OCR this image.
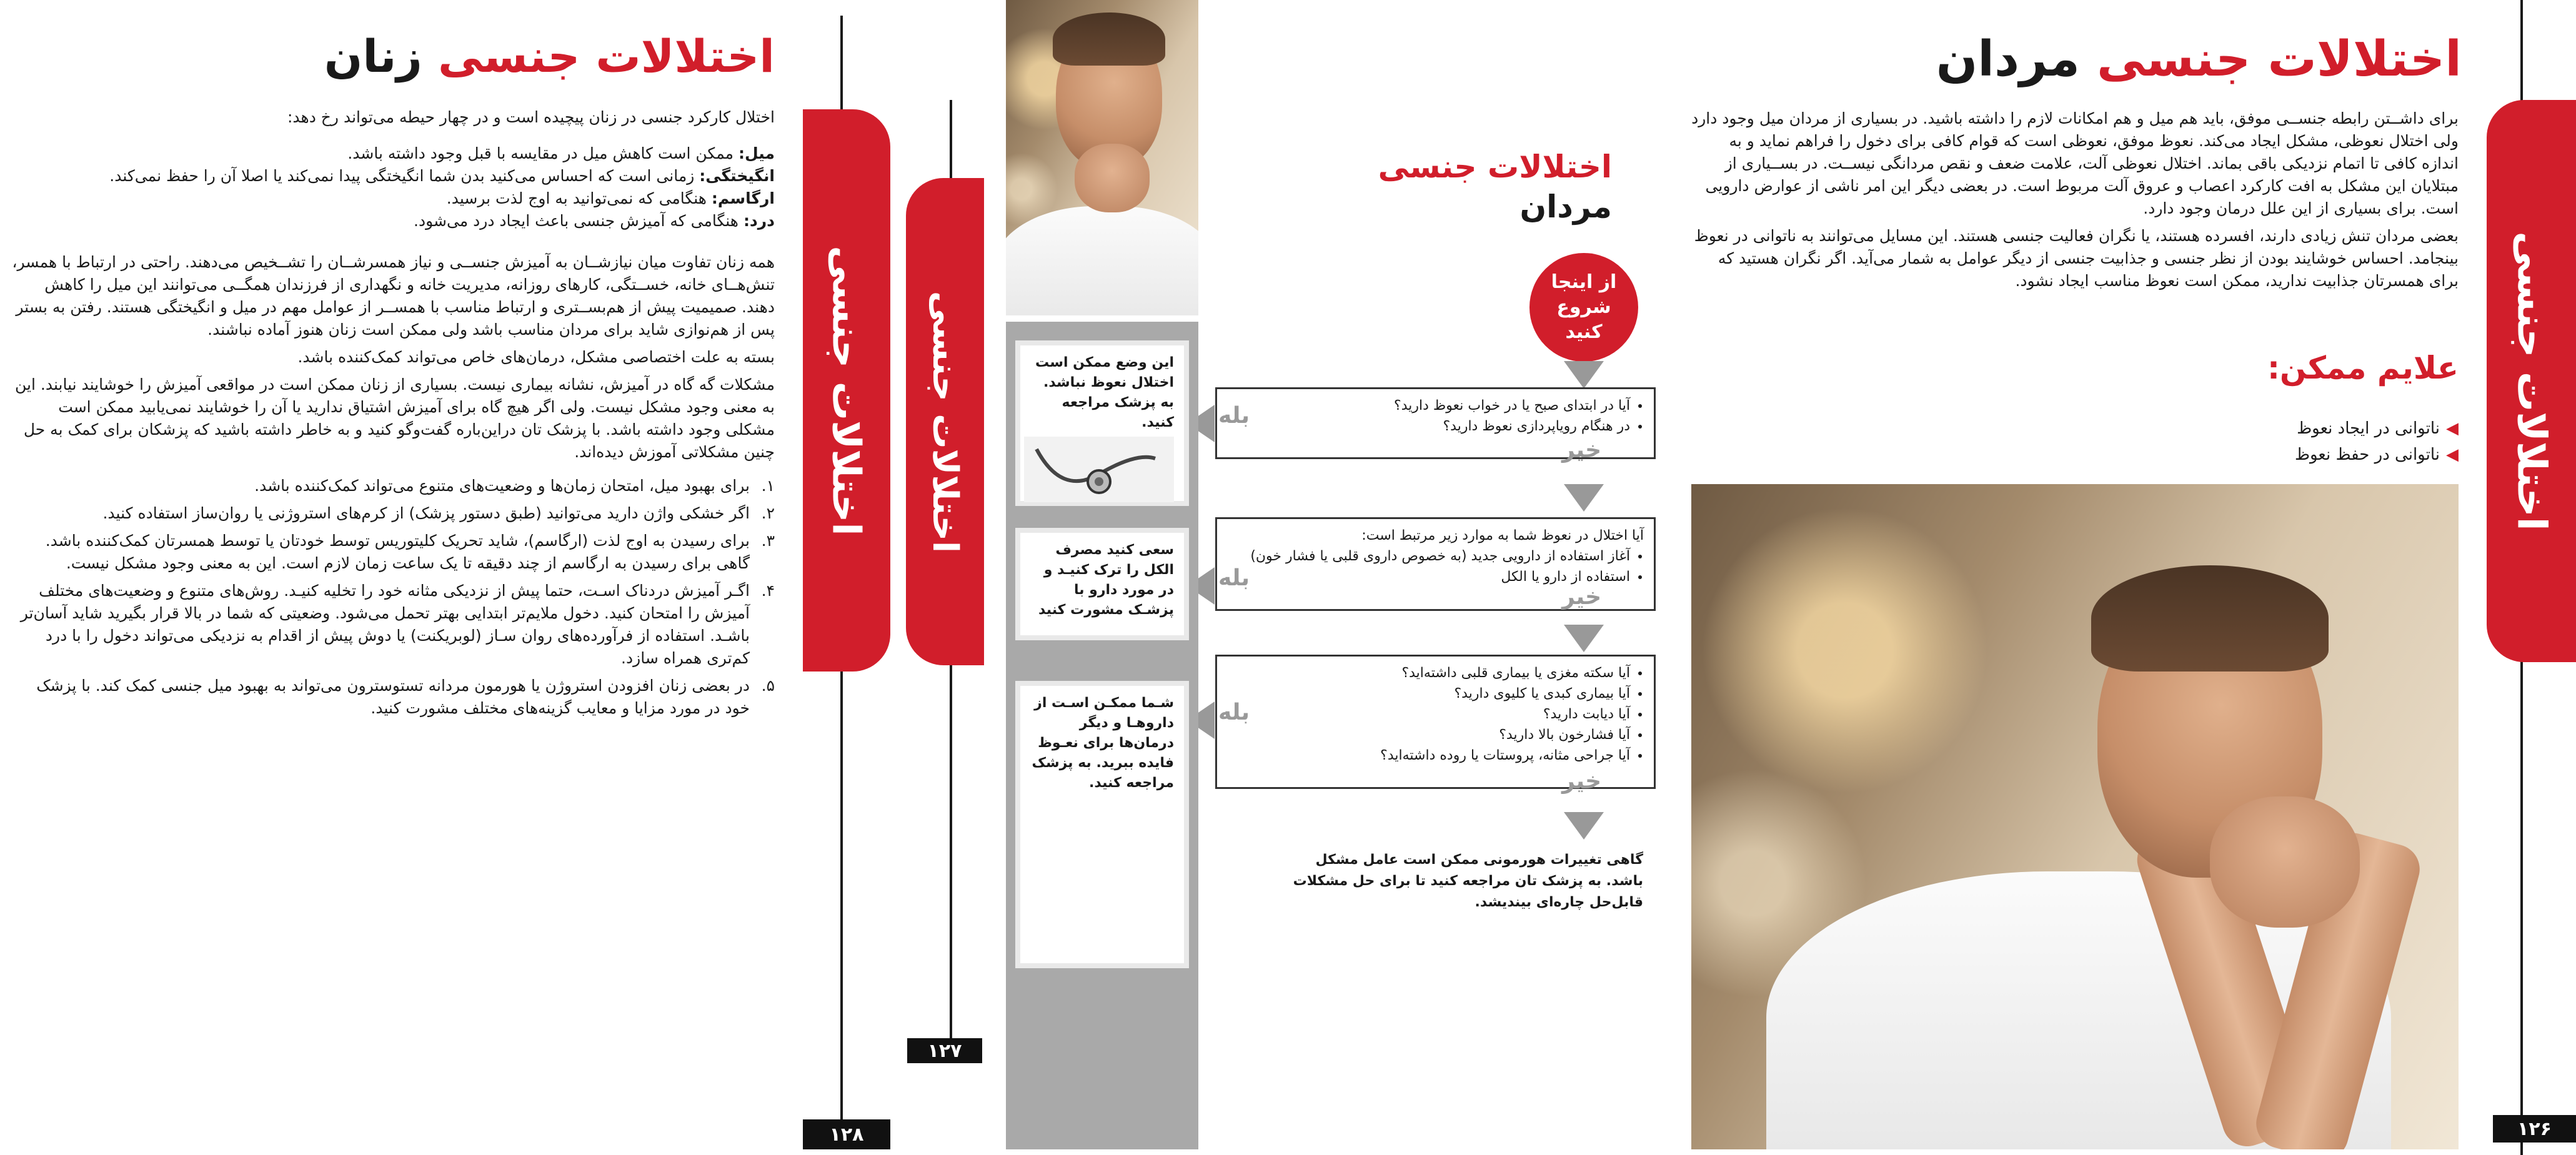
اختلالات جنسی
۱۲۶
اختلالات جنسی مردان

برای داشــتن رابطه جنســی موفق، باید هم میل و هم امکانات لازم را داشته باشید. در بسیاری از مردان میل وجود دارد ولی اختلال نعوظی، مشکل ایجاد می‌کند. نعوظ موفق، نعوظی است که قوام کافی برای دخول را فراهم نماید و به اندازه کافی تا اتمام نزدیکی باقی بماند. اختلال نعوظی آلت، علامت ضعف و نقص مردانگی نیســت. در بســیاری از مبتلایان این مشکل به افت کارکرد اعصاب و عروق آلت مربوط است. در بعضی دیگر این امر ناشی از عوارض دارویی است. برای بسیاری از این علل درمان وجود دارد.

بعضی مردان تنش زیادی دارند، افسرده هستند، یا نگران فعالیت جنسی هستند. این مسایل می‌توانند به ناتوانی در نعوظ بینجامد. احساس خوشایند بودن از نظر جنسی و جذابیت جنسی از دیگر عوامل به شمار می‌آید. اگر نگران هستید که برای همسرتان جذابیت ندارید، ممکن است نعوظ مناسب ایجاد نشود.

علایم ممکن:
◀
ناتوانی در ایجاد نعوظ
◀
ناتوانی در حفظ نعوظ
اختلالات جنسی
مردان
از اینجا شروع کنید
• آیا در ابتدای صبح یا در خواب نعوظ دارید؟
• در هنگام رویاپردازی نعوظ دارید؟
خیر
آیا اختلال در نعوظ شما به موارد زیر مرتبط است:
• آغاز استفاده از دارویی جدید (به خصوص داروی قلبی یا فشار خون)
• استفاده از دارو یا الکل
خیر
• آیا سکته مغزی یا بیماری قلبی داشته‌اید؟
• آیا بیماری کبدی یا کلیوی دارید؟
• آیا دیابت دارید؟
• آیا فشارخون بالا دارید؟
• آیا جراحی مثانه، پروستات یا روده داشته‌اید؟
خیر
گاهی تغییرات هورمونی ممکن است عامل مشکل باشد. به پزشک تان مراجعه کنید تا برای حل مشکلات قابل‌حل چاره‌ای بیندیشد.
بله
بله
بله
این وضع ممکن است اختلال نعوظ نباشد. به پزشک مراجعه کنید.
سعی کنید مصرف الکل را ترک کنیـد و در مورد دارو با پزشـک مشورت کنید
شـما ممکـن اسـت از داروهـا و دیگر درمان‌ها برای نعـوظ فایده ببرید. به پزشک مراجعه کنید.
اختلالات جنسی
۱۲۷
اختلالات جنسی
۱۲۸
اختلالات جنسی زنان

اختلال کارکرد جنسی در زنان پیچیده است و در چهار حیطه می‌تواند رخ دهد:

میل: ممکن است کاهش میل در مقایسه با قبل وجود داشته باشد.
انگیختگی: زمانی است که احساس می‌کنید بدن شما انگیختگی پیدا نمی‌کند یا اصلا آن را حفظ نمی‌کند.
ارگاسم: هنگامی که نمی‌توانید به اوج لذت برسید.
درد: هنگامی که آمیزش جنسی باعث ایجاد درد می‌شود.

همه زنان تفاوت میان نیازشــان به آمیزش جنســی و نیاز همسرشــان را تشــخیص می‌دهند. راحتی در ارتباط با همسر، تنش‌هــای خانه، خســتگی، کارهای روزانه، مدیریت خانه و نگهداری از فرزندان همگــی می‌توانند این میل را کاهش دهند. صمیمیت پیش از هم‌بســتری و ارتباط مناسب با همســر از عوامل مهم در میل و انگیختگی هستند. رفتن به بستر پس از هم‌نوازی شاید برای مردان مناسب باشد ولی ممکن است زنان هنوز آماده نباشند.

بسته به علت اختصاصی مشکل، درمان‌های خاص می‌تواند کمک‌کننده باشد.

مشکلات گه گاه در آمیزش، نشانه بیماری نیست. بسیاری از زنان ممکن است در مواقعی آمیزش را خوشایند نیابند. این به معنی وجود مشکل نیست. ولی اگر هیچ گاه برای آمیزش اشتیاق ندارید یا آن را خوشایند نمی‌یابید ممکن است مشکلی وجود داشته باشد. با پزشک تان دراین‌باره گفت‌وگو کنید و به خاطر داشته باشید که پزشکان برای کمک به حل چنین مشکلاتی آموزش دیده‌اند.

۱.
برای بهبود میل، امتحان زمان‌ها و وضعیت‌های متنوع می‌تواند کمک‌کننده باشد.
۲.
اگر خشکی واژن دارید می‌توانید (طبق دستور پزشک) از کرم‌های استروژنی یا روان‌ساز استفاده کنید.
۳.
برای رسیدن به اوج لذت (ارگاسم)، شاید تحریک کلیتوریس توسط خودتان یا توسط همسرتان کمک‌کننده باشد. گاهی برای رسیدن به ارگاسم از چند دقیقه تا یک ساعت زمان لازم است. این به معنی وجود مشکل نیست.
۴.
اگـر آمیزش دردناک اسـت، حتما پیش از نزدیکی مثانه خود را تخلیه کنیـد. روش‌های متنوع و وضعیت‌های مختلف آمیزش را امتحان کنید. دخول ملایم‌تر ابتدایی بهتر تحمل می‌شود. وضعیتی که شما در بالا قرار بگیرید شاید آسان‌تر باشـد. استفاده از فرآورده‌های روان سـاز (لوبریکنت) یا دوش پیش از اقدام به نزدیکی می‌تواند دخول را با درد کم‌تری همراه سازد.
۵.
در بعضی زنان افزودن استروژن یا هورمون مردانه تستوسترون می‌تواند به بهبود میل جنسی کمک کند. با پزشک خود در مورد مزایا و معایب گزینه‌های مختلف مشورت کنید.
